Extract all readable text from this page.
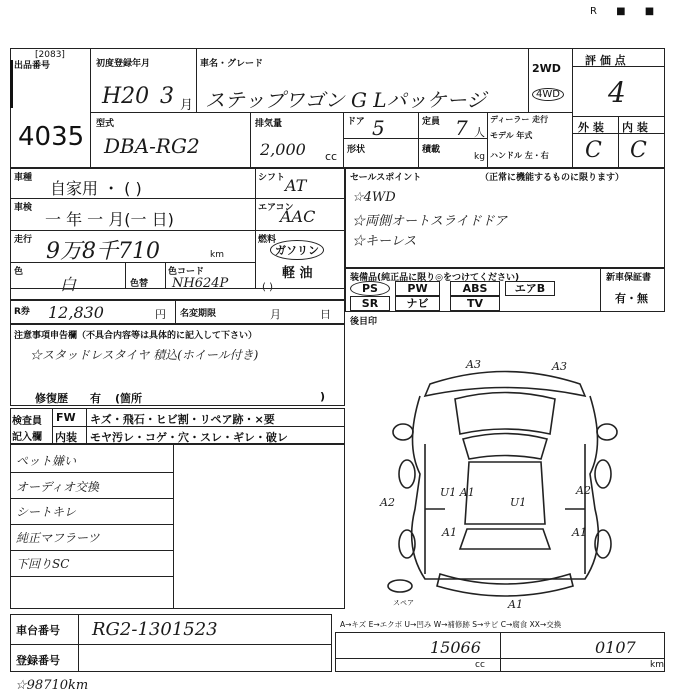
R ■ ■
出品番号
[2083]
4035
初度登録年月
H20 3 月
車名・グレード
ステップワゴン G Lパッケージ
2WD
4WD
評 価 点
4
外 装 内 装
C C
型式
DBA-RG2
排気量
2,000 cc
ドア 5	定員 7 人
ディーラー 走行
モデル 年式
ハンドル 左・右
形状	積載
kg
車種
自家用 ・ ( )
シフト AT
車検
一 年 一 月(一 日)
エアコン
AAC
走行 9万8千710	km
燃料
ガソリン
軽 油
( )
色
白	色替
色コード
NH624P
R券 12,830	円 名変期限	月	日
セールスポイント	（正常に機能するものに限ります）
☆4WD
☆両側オートスライドドア
☆キーレス
装備品(純正品に限り◎をつけてください)
PS	PW	ABS	エアB
SR	ナビ	TV
新車保証書
有・無
後目印
注意事項申告欄（不具合内容等は具体的に記入して下さい）
☆スタッドレスタイヤ 積込(ホイール付き)
修復歴 有 (箇所	)
検査員
記入欄
FW キズ・飛石・ヒビ割・リペア跡・×要
内装 モヤ汚レ・コゲ・穴・スレ・ギレ・破レ
ペット嫌い
オーディオ交換
シートキレ
純正マフラーツ
下回りSC
A3	A3
A2
U1 A1
U1
A2
A1	A1
A1
スペア
車台番号 RG2-1301523
登録番号
A→キズ E→エクボ U→凹み W→補修跡 S→サビ C→腐食 XX→交換
15066	0107
cc	km
☆98710km
